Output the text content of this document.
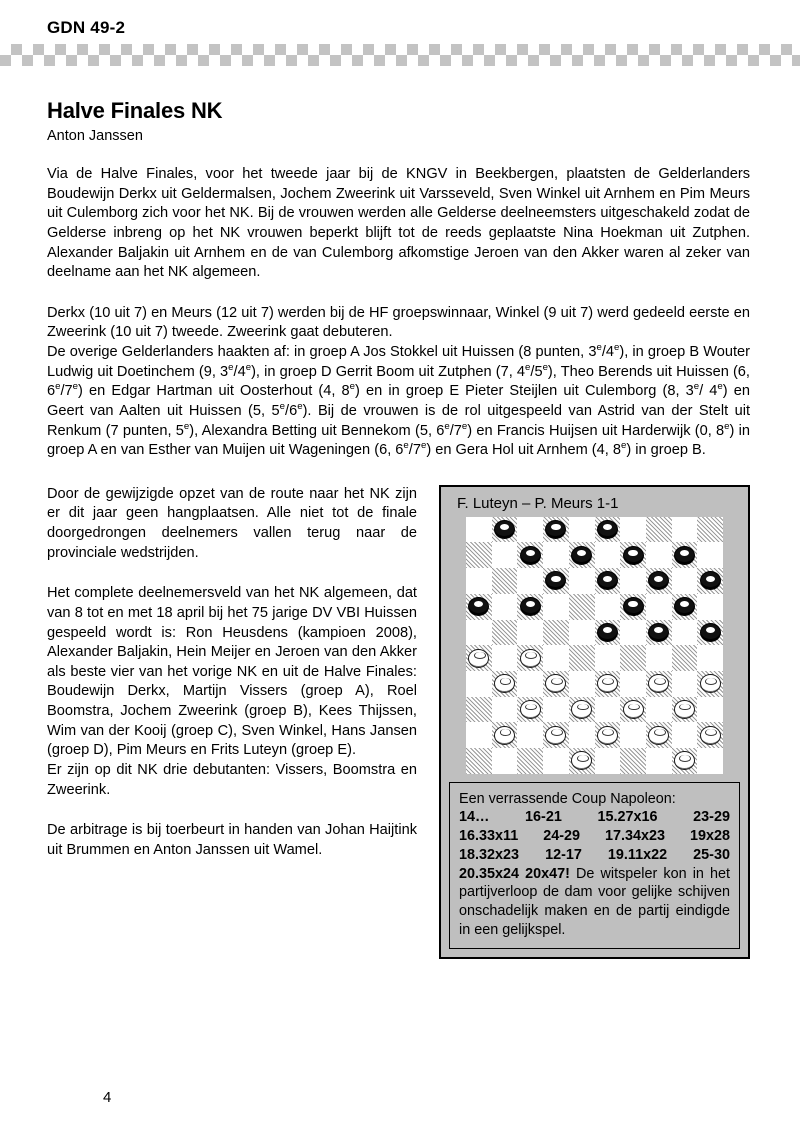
GDN 49-2
Halve Finales NK
Anton Janssen

Via de Halve Finales, voor het tweede jaar bij de KNGV in Beekbergen, plaatsten de Gelderlanders Boudewijn Derkx uit Geldermalsen, Jochem Zweerink uit Varsseveld, Sven Winkel uit Arnhem en Pim Meurs uit Culemborg zich voor het NK. Bij de vrouwen werden alle Gelderse deelneemsters uitgeschakeld zodat de Gelderse inbreng op het NK vrouwen beperkt blijft tot de reeds geplaatste Nina Hoekman uit Zutphen. Alexander Baljakin uit Arnhem en de van Culemborg afkomstige Jeroen van den Akker waren al zeker van deelname aan het NK algemeen.

Derkx (10 uit 7) en Meurs (12 uit 7) werden bij de HF groepswinnaar, Winkel (9 uit 7) werd gedeeld eerste en Zweerink (10 uit 7) tweede. Zweerink gaat debuteren.

De overige Gelderlanders haakten af: in groep A Jos Stokkel uit Huissen (8 punten, 3e/4e), in groep B Wouter Ludwig uit Doetinchem (9, 3e/4e), in groep D Gerrit Boom uit Zutphen (7, 4e/5e), Theo Berends uit Huissen (6, 6e/7e) en Edgar Hartman uit Oosterhout (4, 8e) en in groep E Pieter Steijlen uit Culemborg (8, 3e/ 4e) en Geert van Aalten uit Huissen (5, 5e/6e). Bij de vrouwen is de rol uitgespeeld van Astrid van der Stelt uit Renkum (7 punten, 5e), Alexandra Betting uit Bennekom (5, 6e/7e) en Francis Huijsen uit Harderwijk (0, 8e) in groep A en van Esther van Muijen uit Wageningen (6, 6e/7e) en Gera Hol uit Arnhem (4, 8e) in groep B.

Door de gewijzigde opzet van de route naar het NK zijn er dit jaar geen hangplaatsen. Alle niet tot de finale doorgedrongen deelnemers vallen terug naar de provinciale wedstrijden.

Het complete deelnemersveld van het NK algemeen, dat van 8 tot en met 18 april bij het 75 jarige DV VBI Huissen gespeeld wordt is: Ron Heusdens (kampioen 2008), Alexander Baljakin, Hein Meijer en Jeroen van den Akker als beste vier van het vorige NK en uit de Halve Finales: Boudewijn Derkx, Martijn Vissers (groep A), Roel Boomstra, Jochem Zweerink (groep B), Kees Thijssen, Wim van der Kooij (groep C), Sven Winkel, Hans Jansen (groep D), Pim Meurs en Frits Luteyn (groep E).

Er zijn op dit NK drie debutanten: Vissers, Boomstra en Zweerink.

De arbitrage is bij toerbeurt in handen van Johan Haijtink uit Brummen en Anton Janssen uit Wamel.

F. Luteyn – P. Meurs 1-1

Een verrassende Coup Napoleon:

14… 16-21 15.27x16 23-29
16.33x11 24-29 17.34x23 19x28
18.32x23 12-17 19.11x22 25-30

20.35x24 20x47! De witspeler kon in het partijverloop de dam voor gelijke schijven onschadelijk maken en de partij eindigde in een gelijkspel.

4
